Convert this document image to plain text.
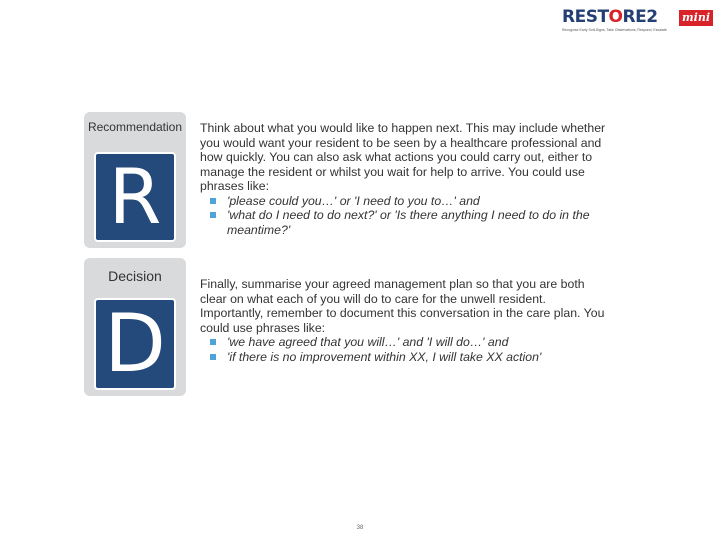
RESTORE2 mini
Recognise Early Soft-Signs, Take Observations, Respond, Escalate
Recommendation
R

Think about what you would like to happen next. This may include whether you would want your resident to be seen by a healthcare professional and how quickly. You can also ask what actions you could carry out, either to manage the resident or whilst you wait for help to arrive. You could use phrases like:

'please could you…' or 'I need to you to…' and
'what do I need to do next?' or 'Is there anything I need to do in the meantime?'
Decision
D

Finally, summarise your agreed management plan so that you are both clear on what each of you will do to care for the unwell resident. Importantly, remember to document this conversation in the care plan. You could use phrases like:

'we have agreed that you will…' and 'I will do…' and
'if there is no improvement within XX, I will take XX action'
38
